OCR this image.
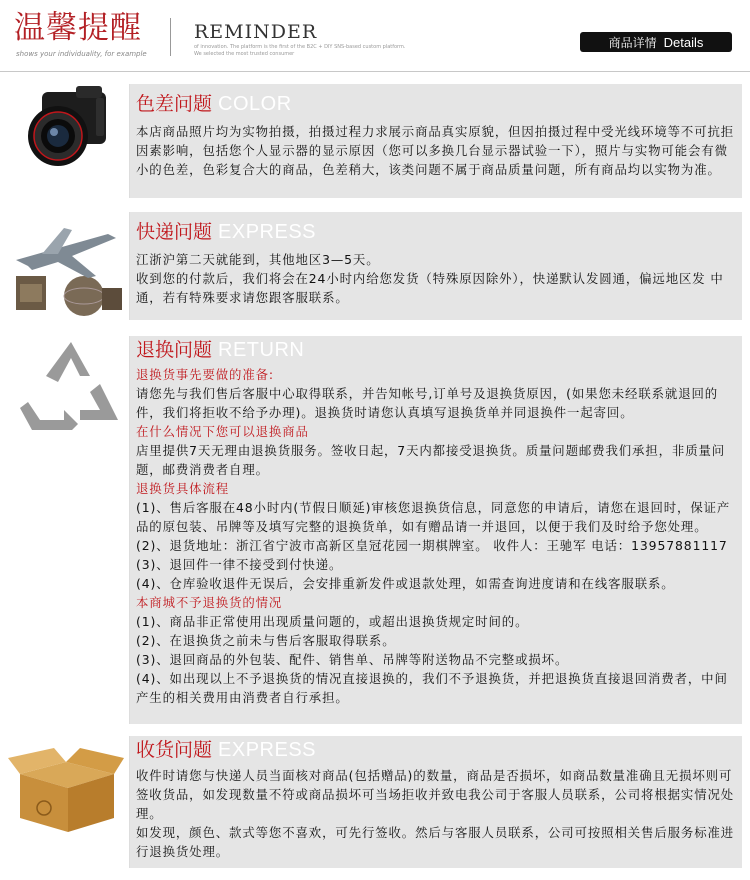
温馨提醒
shows your individuality, for example
REMINDER
of innovation. The platform is the first of the B2C + DIY SNS-based custom platform. We selected the most trusted consumer
商品详情 Details
色差问题 COLOR
本店商品照片均为实物拍摄，拍摄过程力求展示商品真实原貌，但因拍摄过程中受光线环境等不可抗拒因素影响，包括您个人显示器的显示原因（您可以多换几台显示器试验一下），照片与实物可能会有微小的色差，色彩复合大的商品，色差稍大，该类问题不属于商品质量问题，所有商品均以实物为准。
快递问题 EXPRESS
江浙沪第二天就能到，其他地区3—5天。
收到您的付款后，我们将会在24小时内给您发货（特殊原因除外），快递默认发圆通，偏远地区发 中通，若有特殊要求请您跟客服联系。
退换问题 RETURN
退换货事先要做的准备:
请您先与我们售后客服中心取得联系，并告知帐号,订单号及退换货原因，(如果您未经联系就退回的件，我们将拒收不给予办理)。退换货时请您认真填写退换货单并同退换件一起寄回。
在什么情况下您可以退换商品
店里提供7天无理由退换货服务。签收日起，7天内都接受退换货。质量问题邮费我们承担，非质量问题，邮费消费者自理。
退换货具体流程
(1)、售后客服在48小时内(节假日顺延)审核您退换货信息，同意您的申请后，请您在退回时，保证产品的原包装、吊牌等及填写完整的退换货单，如有赠品请一并退回，以便于我们及时给予您处理。
(2)、退货地址：浙江省宁波市高新区皇冠花园一期棋牌室。 收件人：王驰军 电话：13957881117
(3)、退回件一律不接受到付快递。
(4)、仓库验收退件无误后，会安排重新发件或退款处理，如需查询进度请和在线客服联系。
本商城不予退换货的情况
(1)、商品非正常使用出现质量问题的，或超出退换货规定时间的。
(2)、在退换货之前未与售后客服取得联系。
(3)、退回商品的外包装、配件、销售单、吊牌等附送物品不完整或损坏。
(4)、如出现以上不予退换货的情况直接退换的，我们不予退换货，并把退换货直接退回消费者，中间产生的相关费用由消费者自行承担。
收货问题 EXPRESS
收件时请您与快递人员当面核对商品(包括赠品)的数量，商品是否损坏，如商品数量准确且无损坏则可签收货品，如发现数量不符或商品损坏可当场拒收并致电我公司于客服人员联系，公司将根据实情况处理。
如发现，颜色、款式等您不喜欢，可先行签收。然后与客服人员联系，公司可按照相关售后服务标准进行退换货处理。
